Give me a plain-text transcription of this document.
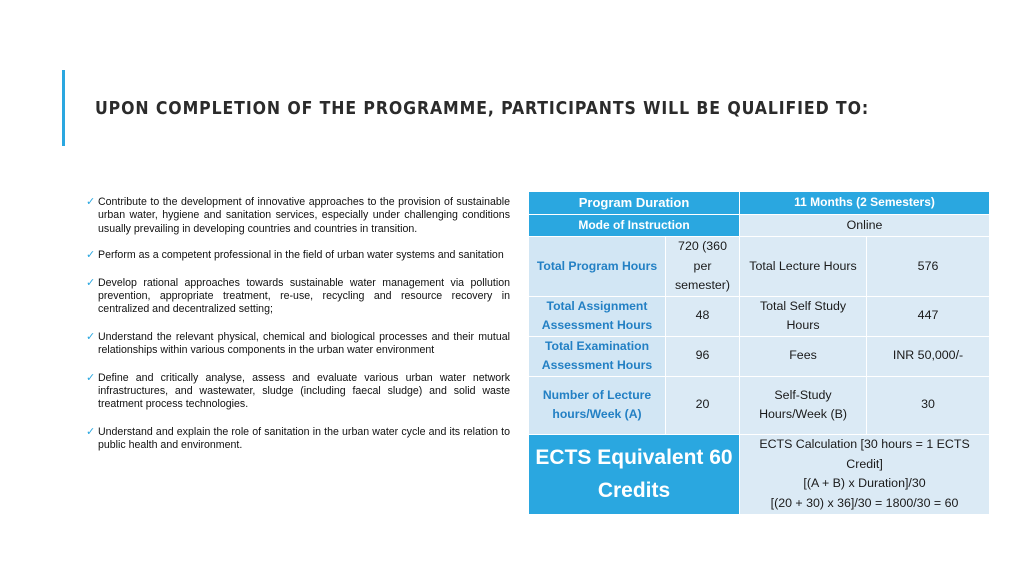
UPON COMPLETION OF THE PROGRAMME, PARTICIPANTS WILL BE QUALIFIED TO:
✓ Contribute to the development of innovative approaches to the provision of sustainable urban water, hygiene and sanitation services, especially under challenging conditions usually prevailing in developing countries and countries in transition.
✓ Perform as a competent professional in the field of urban water systems and sanitation
✓ Develop rational approaches towards sustainable water management via pollution prevention, appropriate treatment, re-use, recycling and resource recovery in centralized and decentralized setting;
✓ Understand the relevant physical, chemical and biological processes and their mutual relationships within various components in the urban water environment
✓ Define and critically analyse, assess and evaluate various urban water network infrastructures, and wastewater, sludge (including faecal sludge) and solid waste treatment process technologies.
✓ Understand and explain the role of sanitation in the urban water cycle and its relation to public health and environment.
Program Duration		11 Months (2 Semesters)	
Mode of Instruction		Online	
Total Program Hours	720 (360 per semester)	Total Lecture Hours	576
Total Assignment Assessment Hours	48	Total Self Study Hours	447
Total Examination Assessment Hours	96	Fees	INR 50,000/-
Number of Lecture hours/Week (A)	20	Self-Study Hours/Week (B)	30
ECTS Equivalent 60 Credits		ECTS Calculation [30 hours = 1 ECTS Credit]
[(A + B) x Duration]/30
[(20 + 30) x 36]/30 = 1800/30 = 60	
